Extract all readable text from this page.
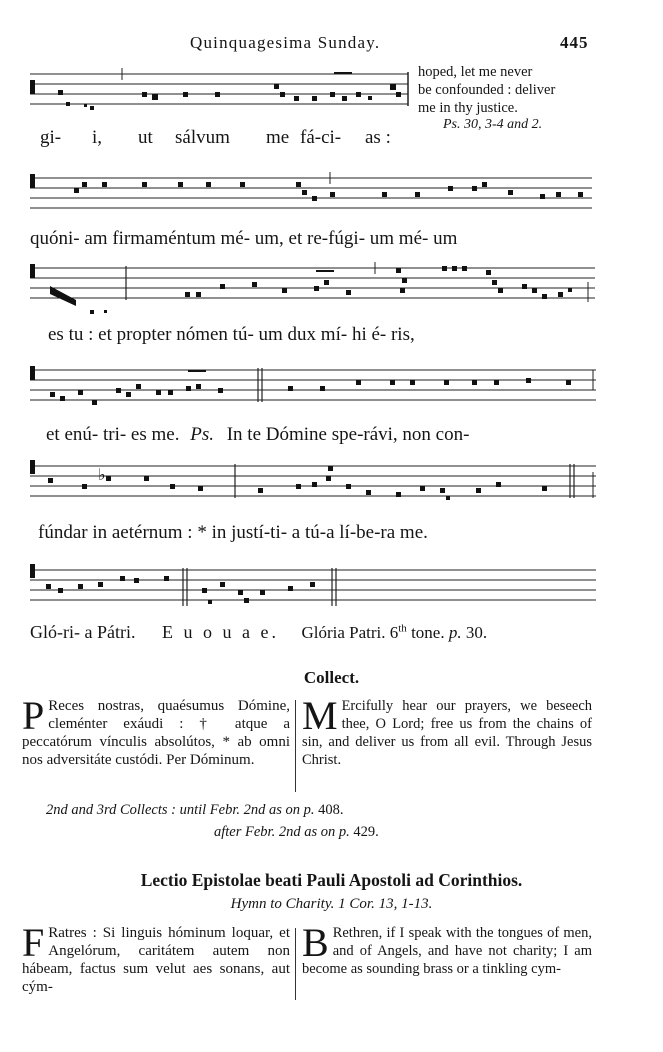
Quinquagesima Sunday.	445
gi- i, ut sálvum me fá-ci- as :
hoped, let me never
be confounded : deliver
me in thy justice.
Ps. 30, 3-4 and 2.
quóni- am firmaméntum mé- um, et re-fúgi- um mé- um
es tu : et propter nómen tú- um dux mí- hi é- ris,
et enú- tri- es me. Ps. In te Dómine spe-rávi, non con-
♭
fúndar in aetérnum : * in justí-ti- a tú-a lí-be-ra me.
Gló-ri- a Pátri. E u o u a e. Glória Patri. 6th tone. p. 30.
Collect.
P Reces nostras, quaésumus Dómine, cleménter exáudi : † atque a peccatórum vínculis absolútos, * ab omni nos adversitáte custódi. Per Dóminum.
M Ercifully hear our prayers, we beseech thee, O Lord; free us from the chains of sin, and deliver us from all evil. Through Jesus Christ.
2nd and 3rd Collects : until Febr. 2nd as on p. 408.
after Febr. 2nd as on p. 429.
Lectio Epistolae beati Pauli Apostoli ad Corinthios.
Hymn to Charity. 1 Cor. 13, 1-13.
F Ratres : Si linguis hóminum loquar, et Angelórum, caritátem autem non hábeam, factus sum velut aes sonans, aut cým-
B Rethren, if I speak with the tongues of men, and of Angels, and have not charity; I am become as sounding brass or a tinkling cym-
